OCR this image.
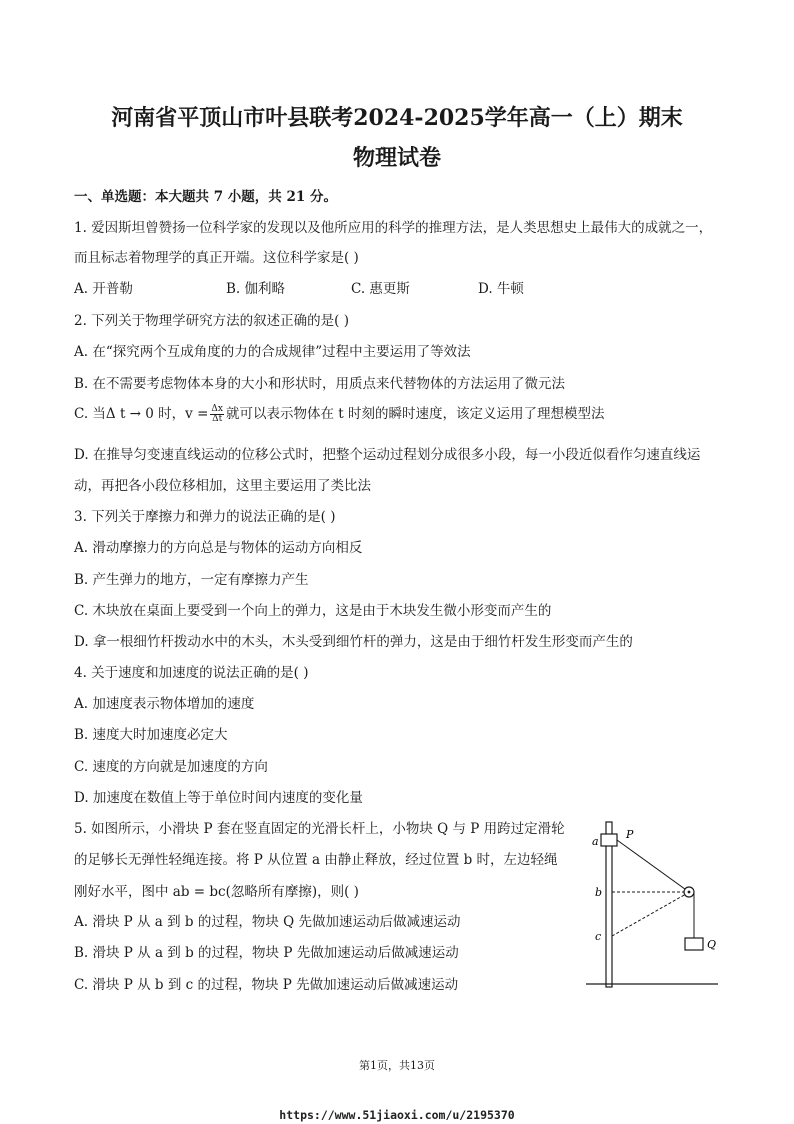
河南省平顶山市叶县联考2024-2025学年高一（上）期末
物理试卷
一、单选题：本大题共 7 小题，共 21 分。
1. 爱因斯坦曾赞扬一位科学家的发现以及他所应用的科学的推理方法，是人类思想史上最伟大的成就之一，
而且标志着物理学的真正开端。这位科学家是( )
A. 开普勒	B. 伽利略	C. 惠更斯	D. 牛顿
2. 下列关于物理学研究方法的叙述正确的是( )
A. 在“探究两个互成角度的力的合成规律”过程中主要运用了等效法
B. 在不需要考虑物体本身的大小和形状时，用质点来代替物体的方法运用了微元法
C. 当Δ t → 0 时，$v = \frac{\Delta x}{\Delta t}$ 就可以表示物体在 t 时刻的瞬时速度，该定义运用了理想模型法
D. 在推导匀变速直线运动的位移公式时，把整个运动过程划分成很多小段，每一小段近似看作匀速直线运
动，再把各小段位移相加，这里主要运用了类比法
3. 下列关于摩擦力和弹力的说法正确的是( )
A. 滑动摩擦力的方向总是与物体的运动方向相反
B. 产生弹力的地方，一定有摩擦力产生
C. 木块放在桌面上要受到一个向上的弹力，这是由于木块发生微小形变而产生的
D. 拿一根细竹杆拨动水中的木头，木头受到细竹杆的弹力，这是由于细竹杆发生形变而产生的
4. 关于速度和加速度的说法正确的是( )
A. 加速度表示物体增加的速度
B. 速度大时加速度必定大
C. 速度的方向就是加速度的方向
D. 加速度在数值上等于单位时间内速度的变化量
5. 如图所示，小滑块 P 套在竖直固定的光滑长杆上，小物块 Q 与 P 用跨过定滑轮
的足够长无弹性轻绳连接。将 P 从位置 a 由静止释放，经过位置 b 时，左边轻绳
刚好水平，图中 ab = bc(忽略所有摩擦)，则( )
A. 滑块 P 从 a 到 b 的过程，物块 Q 先做加速运动后做减速运动
B. 滑块 P 从 a 到 b 的过程，物块 P 先做加速运动后做减速运动
C. 滑块 P 从 b 到 c 的过程，物块 P 先做加速运动后做减速运动
a
b
c
P
Q
第1页，共13页
https://www.51jiaoxi.com/u/2195370
